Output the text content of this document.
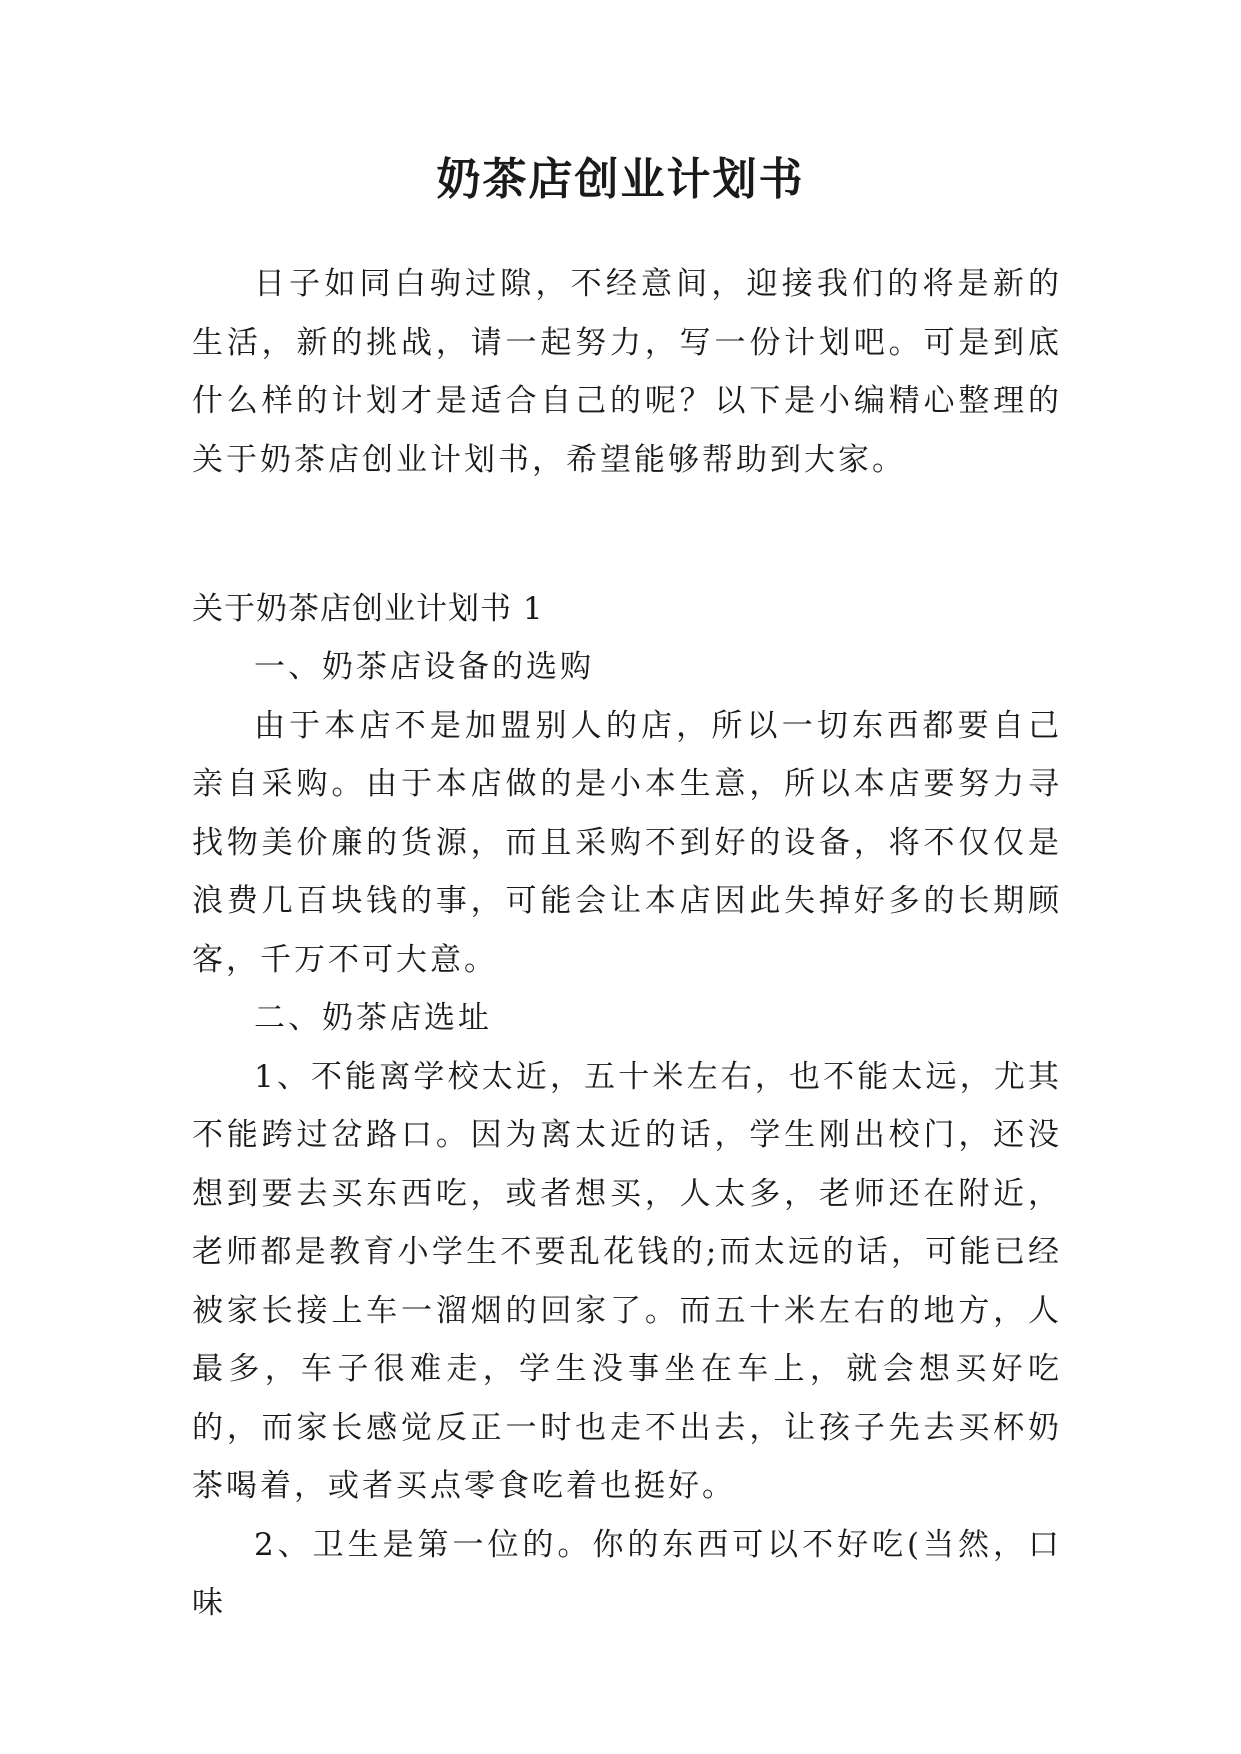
奶茶店创业计划书

日子如同白驹过隙，不经意间，迎接我们的将是新的生活，新的挑战，请一起努力，写一份计划吧。可是到底什么样的计划才是适合自己的呢？以下是小编精心整理的关于奶茶店创业计划书，希望能够帮助到大家。

关于奶茶店创业计划书 1

一、奶茶店设备的选购

由于本店不是加盟别人的店，所以一切东西都要自己亲自采购。由于本店做的是小本生意，所以本店要努力寻找物美价廉的货源，而且采购不到好的设备，将不仅仅是浪费几百块钱的事，可能会让本店因此失掉好多的长期顾客，千万不可大意。

二、奶茶店选址

1、不能离学校太近，五十米左右，也不能太远，尤其不能跨过岔路口。因为离太近的话，学生刚出校门，还没想到要去买东西吃，或者想买，人太多，老师还在附近，老师都是教育小学生不要乱花钱的;而太远的话，可能已经被家长接上车一溜烟的回家了。而五十米左右的地方，人最多，车子很难走，学生没事坐在车上，就会想买好吃的，而家长感觉反正一时也走不出去，让孩子先去买杯奶茶喝着，或者买点零食吃着也挺好。

2、卫生是第一位的。你的东西可以不好吃(当然，口味
